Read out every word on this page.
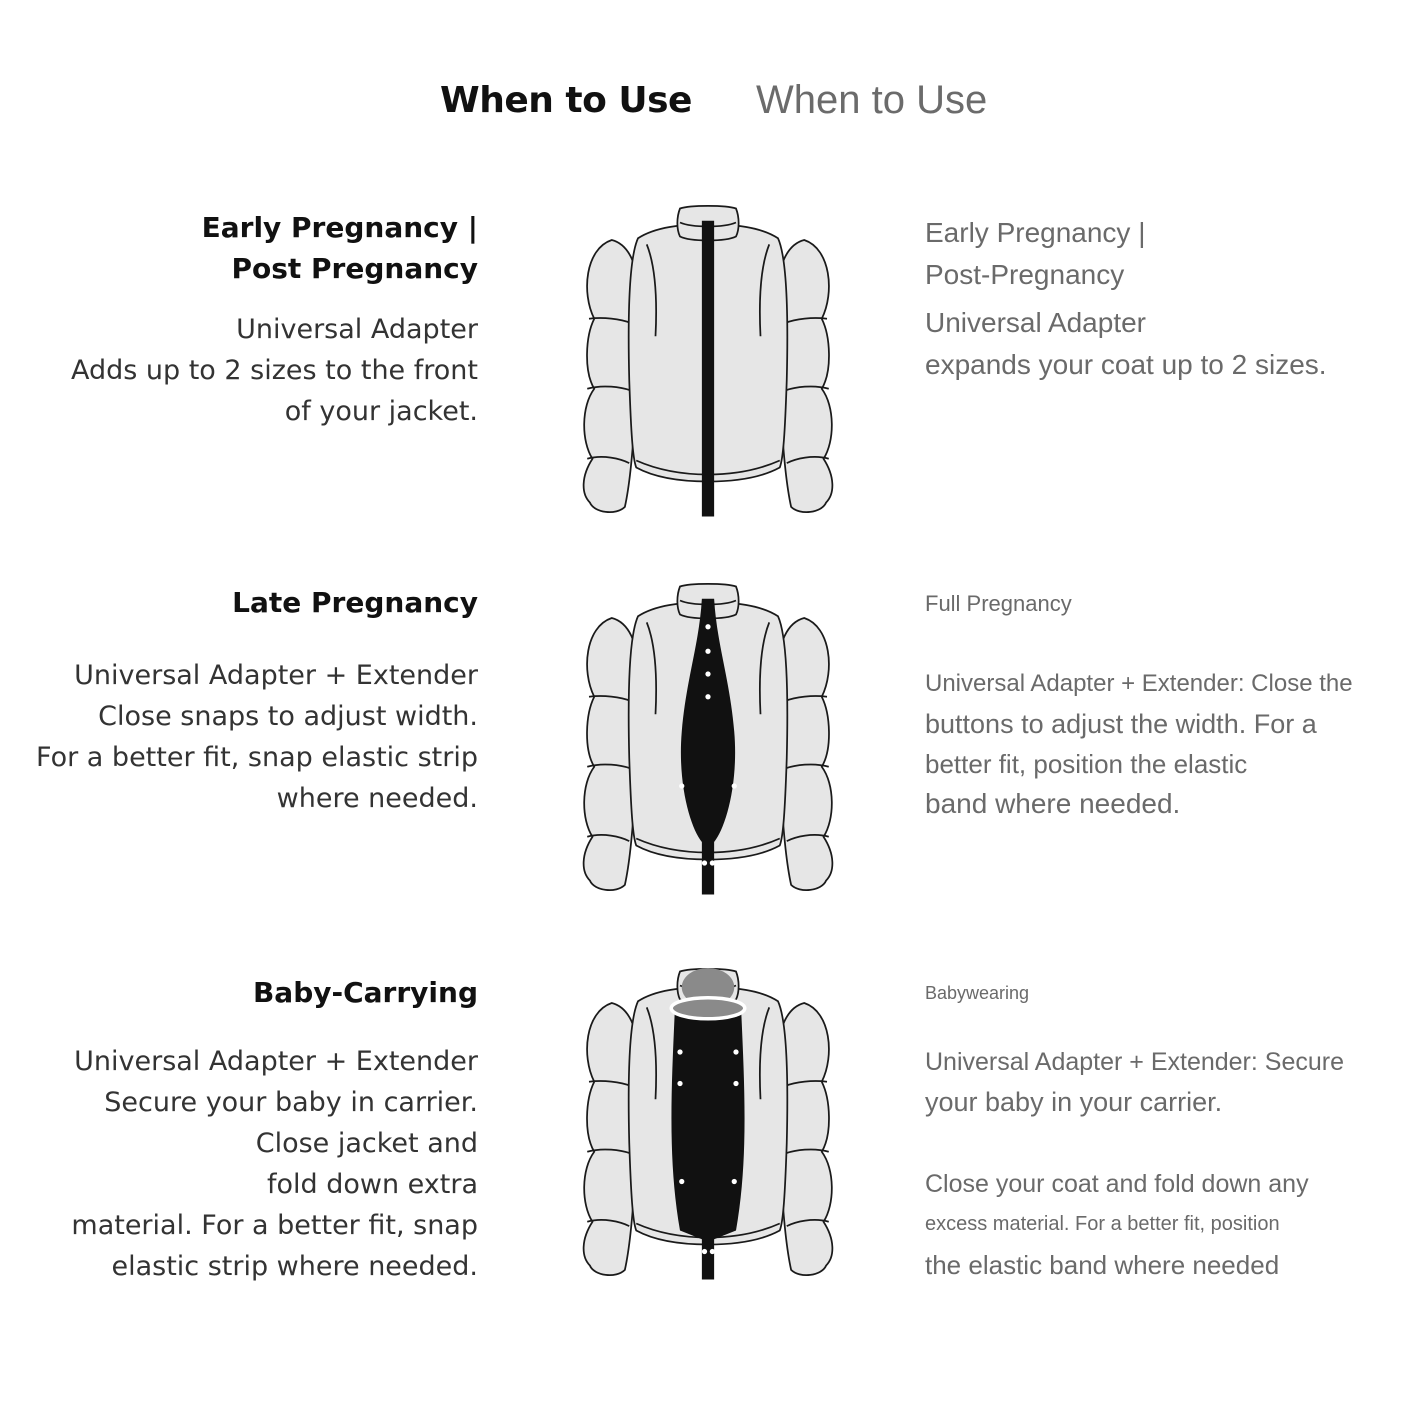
When to Use When to Use
Early Pregnancy |
Post Pregnancy
Universal Adapter
Adds up to 2 sizes to the front
of your jacket.
Early Pregnancy |
Post-Pregnancy
Universal Adapter
expands your coat up to 2 sizes.
Late Pregnancy
Universal Adapter + Extender
Close snaps to adjust width.
For a better fit, snap elastic strip
where needed.
Full Pregnancy
Universal Adapter + Extender: Close the
buttons to adjust the width. For a
better fit, position the elastic
band where needed.
Baby-Carrying
Universal Adapter + Extender
Secure your baby in carrier.
Close jacket and
fold down extra
material. For a better fit, snap
elastic strip where needed.
Babywearing
Universal Adapter + Extender: Secure
your baby in your carrier.
Close your coat and fold down any
excess material. For a better fit, position
the elastic band where needed
